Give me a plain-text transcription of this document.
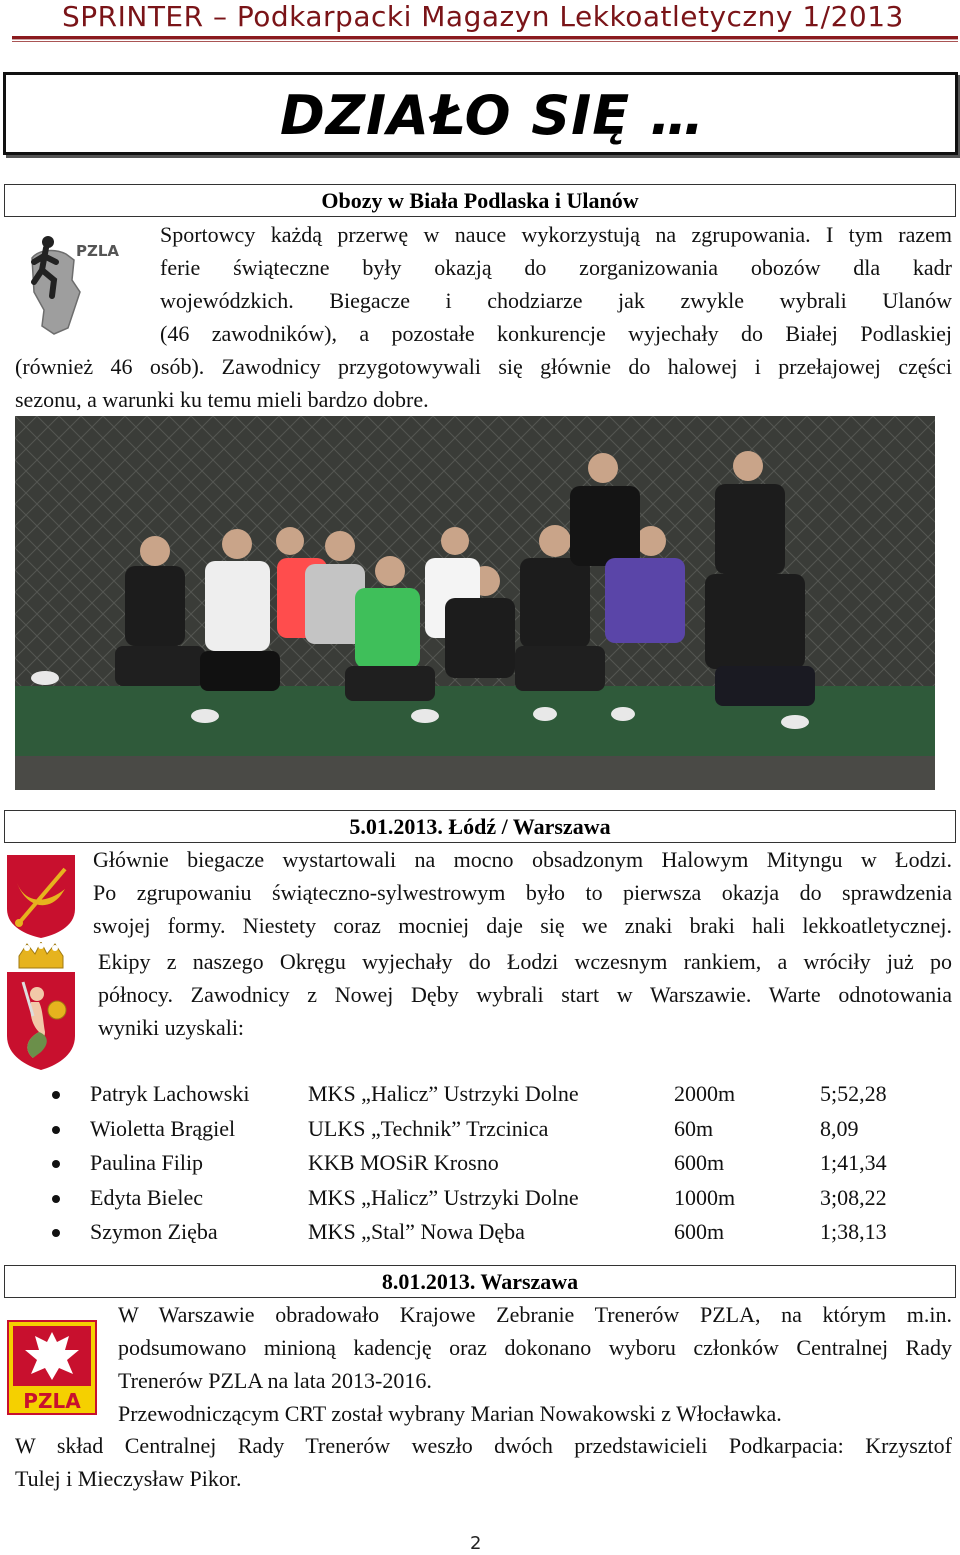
SPRINTER – Podkarpacki Magazyn Lekkoatletyczny 1/2013
DZIAŁO SIĘ …
Obozy w Biała Podlaska i Ulanów
PZLA
Sportowcy każdą przerwę w nauce wykorzystują na zgrupowania. I tym razem
ferie świąteczne były okazją do zorganizowania obozów dla kadr
wojewódzkich. Biegacze i chodziarze jak zwykle wybrali Ulanów
(46 zawodników), a pozostałe konkurencje wyjechały do Białej Podlaskiej
(również 46 osób). Zawodnicy przygotowywali się głównie do halowej i przełajowej części
sezonu, a warunki ku temu mieli bardzo dobre.
5.01.2013. Łódź / Warszawa
Głównie biegacze wystartowali na mocno obsadzonym Halowym Mityngu w Łodzi.
Po zgrupowaniu świąteczno-sylwestrowym było to pierwsza okazja do sprawdzenia
swojej formy. Niestety coraz mocniej daje się we znaki braki hali lekkoatletycznej.
Ekipy z naszego Okręgu wyjechały do Łodzi wczesnym rankiem, a wróciły już po
północy. Zawodnicy z Nowej Dęby wybrali start w Warszawie. Warte odnotowania
wyniki uzyskali:
Patryk Lachowski	MKS „Halicz” Ustrzyki Dolne	2000m	5;52,28
Wioletta Brągiel	ULKS „Technik” Trzcinica	60m	8,09
Paulina Filip	KKB MOSiR Krosno	600m	1;41,34
Edyta Bielec	MKS „Halicz” Ustrzyki Dolne	1000m	3;08,22
Szymon Zięba	MKS „Stal” Nowa Dęba	600m	1;38,13
8.01.2013. Warszawa
PZLA
W Warszawie obradowało Krajowe Zebranie Trenerów PZLA, na którym m.in.
podsumowano minioną kadencję oraz dokonano wyboru członków Centralnej Rady
Trenerów PZLA na lata 2013-2016.
Przewodniczącym CRT został wybrany Marian Nowakowski z Włocławka.
W skład Centralnej Rady Trenerów weszło dwóch przedstawicieli Podkarpacia: Krzysztof
Tulej i Mieczysław Pikor.
2
